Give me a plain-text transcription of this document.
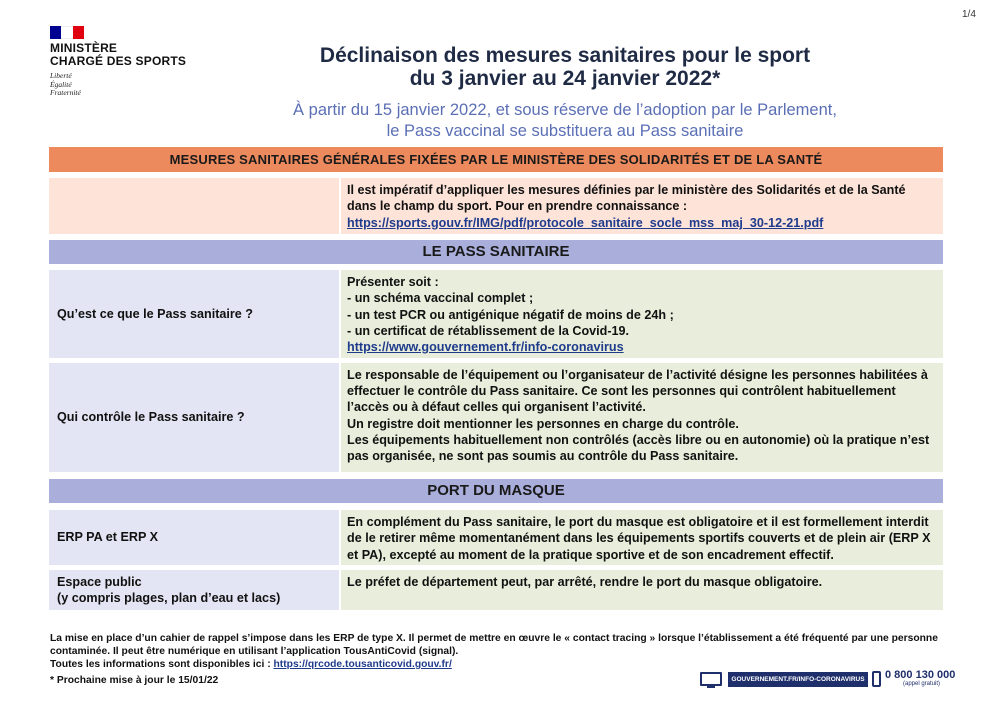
1/4
MINISTÈRE
CHARGÉ DES SPORTS
Liberté
Égalité
Fraternité
Déclinaison des mesures sanitaires pour le sport
du 3 janvier au 24 janvier 2022*
À partir du 15 janvier 2022, et sous réserve de l’adoption par le Parlement,
le Pass vaccinal se substituera au Pass sanitaire
MESURES SANITAIRES GÉNÉRALES FIXÉES PAR LE MINISTÈRE DES SOLIDARITÉS ET DE LA SANTÉ

Il est impératif d’appliquer les mesures définies par le ministère des Solidarités et de la Santé dans le champ du sport. Pour en prendre connaissance :

https://sports.gouv.fr/IMG/pdf/protocole_sanitaire_socle_mss_maj_30-12-21.pdf
LE PASS SANITAIRE
Qu’est ce que le Pass sanitaire ?
Présenter soit :
- un schéma vaccinal complet ;
- un test PCR ou antigénique négatif de moins de 24h ;
- un certificat de rétablissement de la Covid-19.
https://www.gouvernement.fr/info-coronavirus
Qui contrôle le Pass sanitaire ?

Le responsable de l’équipement ou l’organisateur de l’activité désigne les personnes habilitées à effectuer le contrôle du Pass sanitaire. Ce sont les personnes qui contrôlent habituellement l’accès ou à défaut celles qui organisent l’activité.

Un registre doit mentionner les personnes en charge du contrôle.

Les équipements habituellement non contrôlés (accès libre ou en autonomie) où la pratique n’est pas organisée, ne sont pas soumis au contrôle du Pass sanitaire.

PORT DU MASQUE
ERP PA et ERP X

En complément du Pass sanitaire, le port du masque est obligatoire et il est formellement interdit de le retirer même momentanément dans les équipements sportifs couverts et de plein air (ERP X et PA), excepté au moment de la pratique sportive et de son encadrement effectif.

Espace public
(y compris plages, plan d’eau et lacs)

Le préfet de département peut, par arrêté, rendre le port du masque obligatoire.

La mise en place d’un cahier de rappel s’impose dans les ERP de type X. Il permet de mettre en œuvre le « contact tracing » lorsque l’établissement a été fréquenté par une personne contaminée. Il peut être numérique en utilisant l’application TousAntiCovid (signal).
Toutes les informations sont disponibles ici : https://qrcode.tousanticovid.gouv.fr/
* Prochaine mise à jour le 15/01/22	GOUVERNEMENT.FR/INFO-CORONAVIRUS	0 800 130 000
(appel gratuit)
